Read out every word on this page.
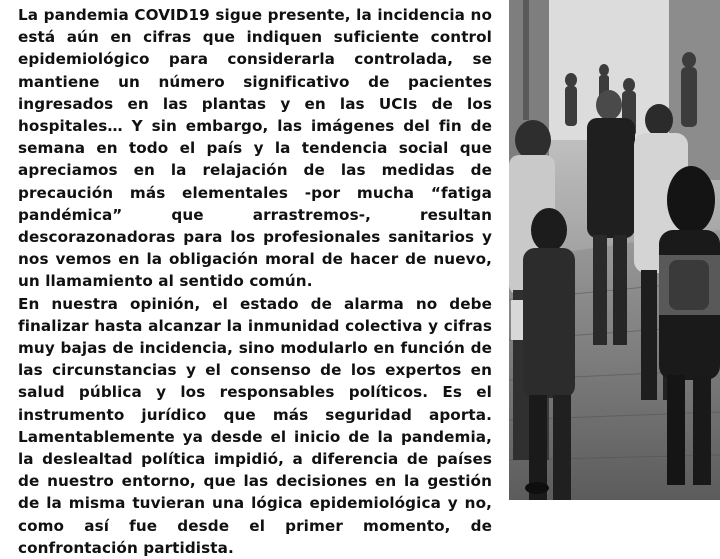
La pandemia COVID19 sigue presente, la incidencia no está aún en cifras que indiquen suficiente control epidemiológico para considerarla controlada, se mantiene un número significativo de pacientes ingresados en las plantas y en las UCIs de los hospitales… Y sin embargo, las imágenes del fin de semana en todo el país y la tendencia social que apreciamos en la relajación de las medidas de precaución más elementales -por mucha “fatiga pandémica” que arrastremos-, resultan descorazonadoras para los profesionales sanitarios y nos vemos en la obligación moral de hacer de nuevo, un llamamiento al sentido común.

En nuestra opinión, el estado de alarma no debe finalizar hasta alcanzar la inmunidad colectiva y cifras muy bajas de incidencia, sino modularlo en función de las circunstancias y el consenso de los expertos en salud pública y los responsables políticos. Es el instrumento jurídico que más seguridad aporta. Lamentablemente ya desde el inicio de la pandemia, la deslealtad política impidió, a diferencia de países de nuestro entorno, que las decisiones en la gestión de la misma tuvieran una lógica epidemiológica y no, como así fue desde el primer momento, de confrontación partidista.
